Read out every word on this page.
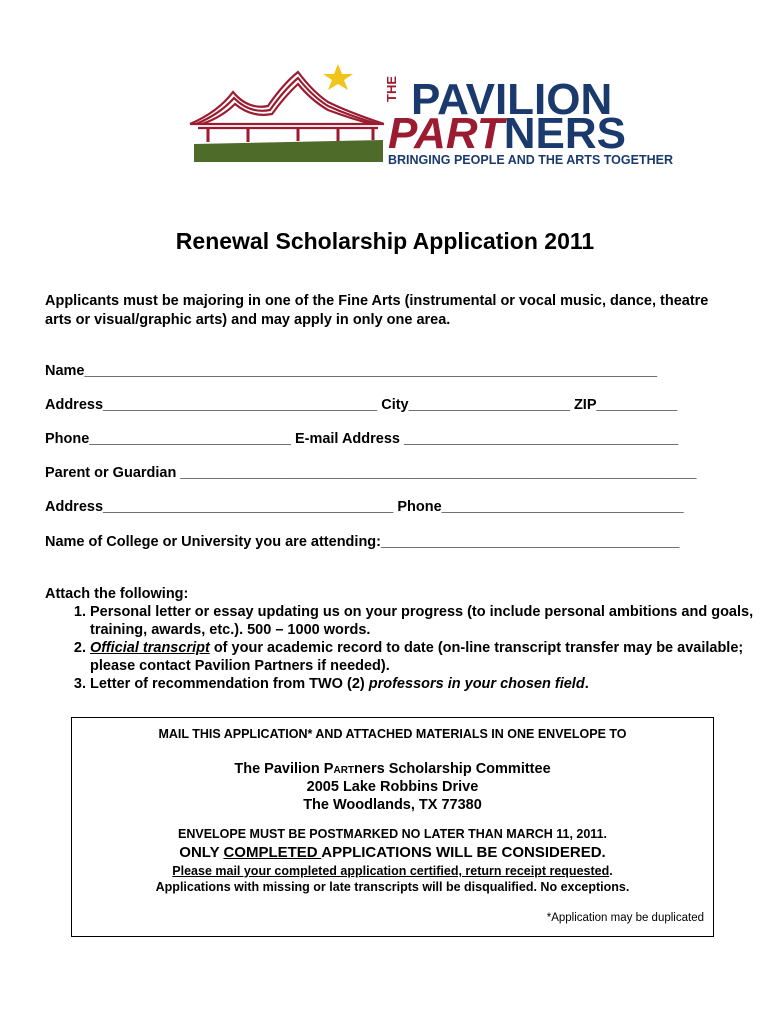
THE PAVILION
PARTNERS
BRINGING PEOPLE AND THE ARTS TOGETHER
Renewal Scholarship Application 2011

Applicants must be majoring in one of the Fine Arts (instrumental or vocal music, dance, theatre arts or visual/graphic arts) and may apply in only one area.

Name_______________________________________________________________________
Address__________________________________ City____________________ ZIP__________
Phone_________________________ E-mail Address __________________________________
Parent or Guardian ________________________________________________________________
Address____________________________________ Phone______________________________
Name of College or University you are attending:_____________________________________
Attach the following:
1. Personal letter or essay updating us on your progress (to include personal ambitions and goals, training, awards, etc.). 500 – 1000 words.
2. Official transcript of your academic record to date (on-line transcript transfer may be available; please contact Pavilion Partners if needed).
3. Letter of recommendation from TWO (2) professors in your chosen field.
MAIL THIS APPLICATION* AND ATTACHED MATERIALS IN ONE ENVELOPE TO
The Pavilion PARTners Scholarship Committee
2005 Lake Robbins Drive
The Woodlands, TX 77380
ENVELOPE MUST BE POSTMARKED NO LATER THAN MARCH 11, 2011.
ONLY COMPLETED APPLICATIONS WILL BE CONSIDERED.
Please mail your completed application certified, return receipt requested.
Applications with missing or late transcripts will be disqualified. No exceptions.
*Application may be duplicated
